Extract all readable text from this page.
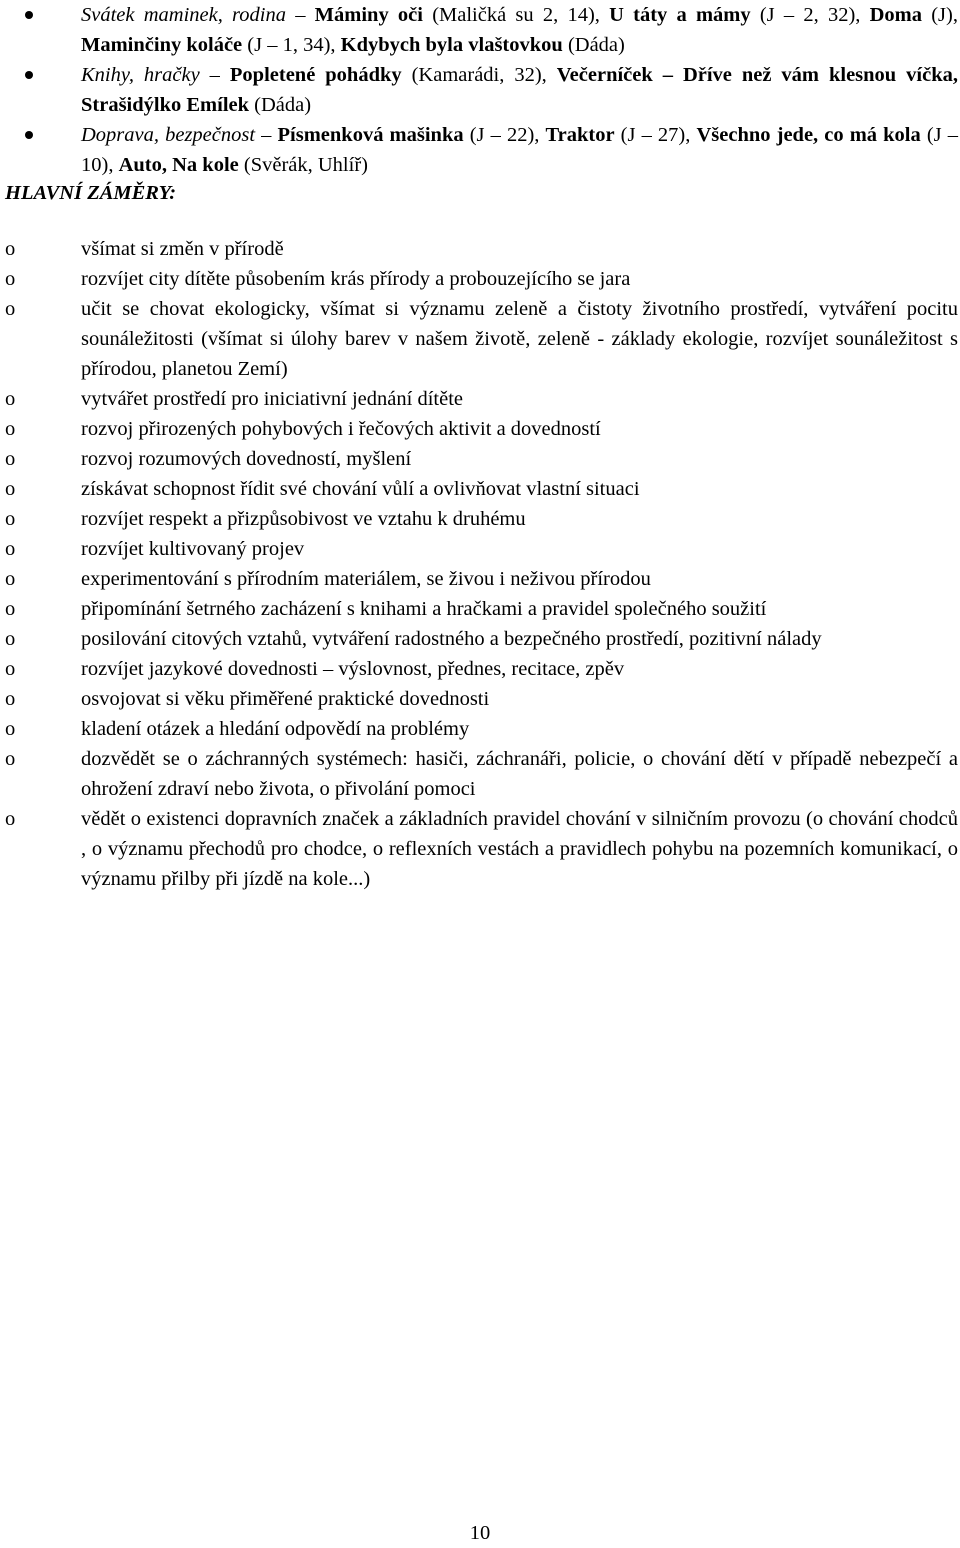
Svátek maminek, rodina – Máminy oči (Maličká su 2, 14), U táty a mámy (J – 2, 32), Doma (J), Maminčiny koláče (J – 1, 34), Kdybych byla vlaštovkou (Dáda)
Knihy, hračky – Popletené pohádky (Kamarádi, 32), Večerníček – Dříve než vám klesnou víčka, Strašidýlko Emílek (Dáda)
Doprava, bezpečnost – Písmenková mašinka (J – 22), Traktor (J – 27), Všechno jede, co má kola (J – 10), Auto, Na kole (Svěrák, Uhlíř)
HLAVNÍ ZÁMĚRY:
o	všímat si změn v přírodě
o	rozvíjet city dítěte působením krás přírody a probouzejícího se jara
o	učit se chovat ekologicky, všímat si významu zeleně a čistoty životního prostředí, vytváření pocitu sounáležitosti (všímat si úlohy barev v našem životě, zeleně - základy ekologie, rozvíjet sounáležitost s přírodou, planetou Zemí)
o	vytvářet prostředí pro iniciativní jednání dítěte
o	rozvoj přirozených pohybových i řečových aktivit a dovedností
o	rozvoj rozumových dovedností, myšlení
o	získávat schopnost řídit své chování vůlí a ovlivňovat vlastní situaci
o	rozvíjet respekt a přizpůsobivost ve vztahu k druhému
o	rozvíjet kultivovaný projev
o	experimentování s přírodním materiálem, se živou i neživou přírodou
o	připomínání šetrného zacházení s knihami a hračkami a pravidel společného soužití
o	posilování citových vztahů, vytváření radostného a bezpečného prostředí, pozitivní nálady
o	rozvíjet jazykové dovednosti – výslovnost, přednes, recitace, zpěv
o	osvojovat si věku přiměřené praktické dovednosti
o	kladení otázek a hledání odpovědí na problémy
o	dozvědět se o záchranných systémech: hasiči, záchranáři, policie, o chování dětí v případě nebezpečí a ohrožení zdraví nebo života, o přivolání pomoci
o	vědět o existenci dopravních značek a základních pravidel chování v silničním provozu (o chování chodců , o významu přechodů pro chodce, o reflexních vestách a pravidlech pohybu na pozemních komunikací, o významu přilby při jízdě na kole...)
10
